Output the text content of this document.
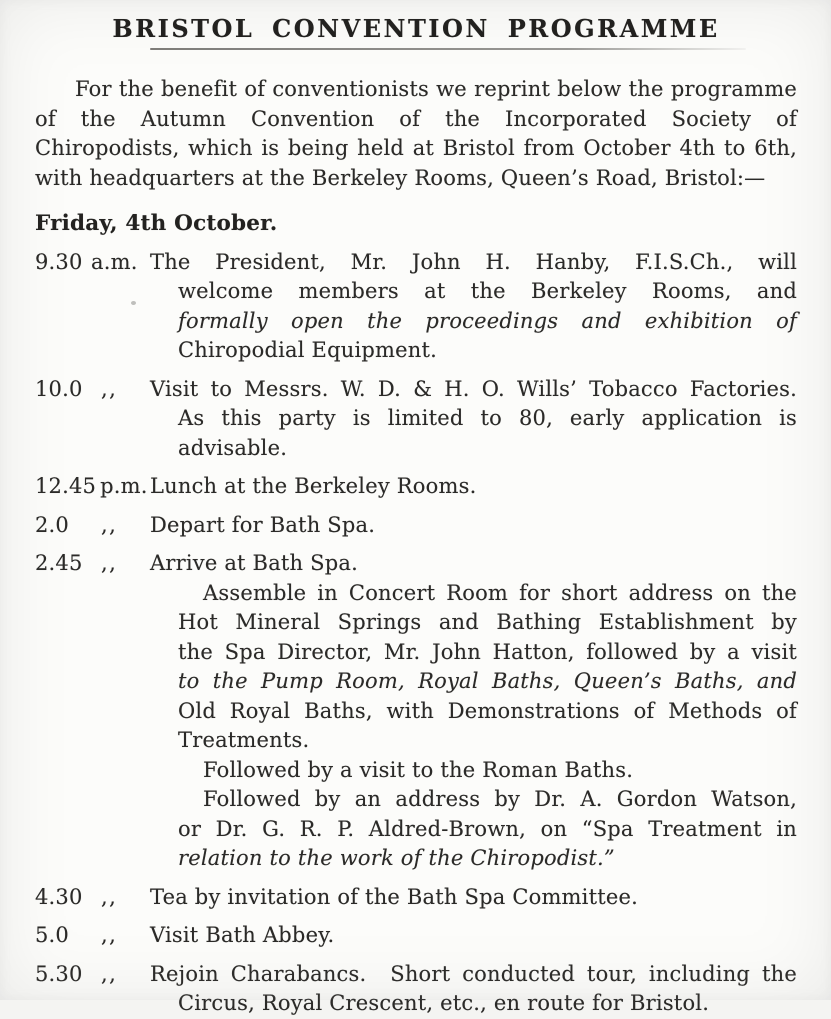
BRISTOL CONVENTION PROGRAMME
For the benefit of conventionists we reprint below the programme
of the Autumn Convention of the Incorporated Society of
Chiropodists, which is being held at Bristol from October 4th to 6th,
with headquarters at the Berkeley Rooms, Queen’s Road, Bristol:—
Friday, 4th October.
9.30 a.m. The President, Mr. John H. Hanby, F.I.S.Ch., will
welcome members at the Berkeley Rooms, and
formally open the proceedings and exhibition of
Chiropodial Equipment.
10.0 ,,	Visit to Messrs. W. D. & H. O. Wills’ Tobacco Factories.
As this party is limited to 80, early application is
advisable.
12.45 p.m. Lunch at the Berkeley Rooms.
2.0 ,,	Depart for Bath Spa.
2.45 ,,	Arrive at Bath Spa.
Assemble in Concert Room for short address on the
Hot Mineral Springs and Bathing Establishment by
the Spa Director, Mr. John Hatton, followed by a visit
to the Pump Room, Royal Baths, Queen’s Baths, and
Old Royal Baths, with Demonstrations of Methods of
Treatments.
Followed by a visit to the Roman Baths.
Followed by an address by Dr. A. Gordon Watson,
or Dr. G. R. P. Aldred-Brown, on “Spa Treatment in
relation to the work of the Chiropodist.”
4.30 ,,	Tea by invitation of the Bath Spa Committee.
5.0 ,,	Visit Bath Abbey.
5.30 ,,	Rejoin Charabancs.  Short conducted tour, including the
Circus, Royal Crescent, etc., en route for Bristol.
